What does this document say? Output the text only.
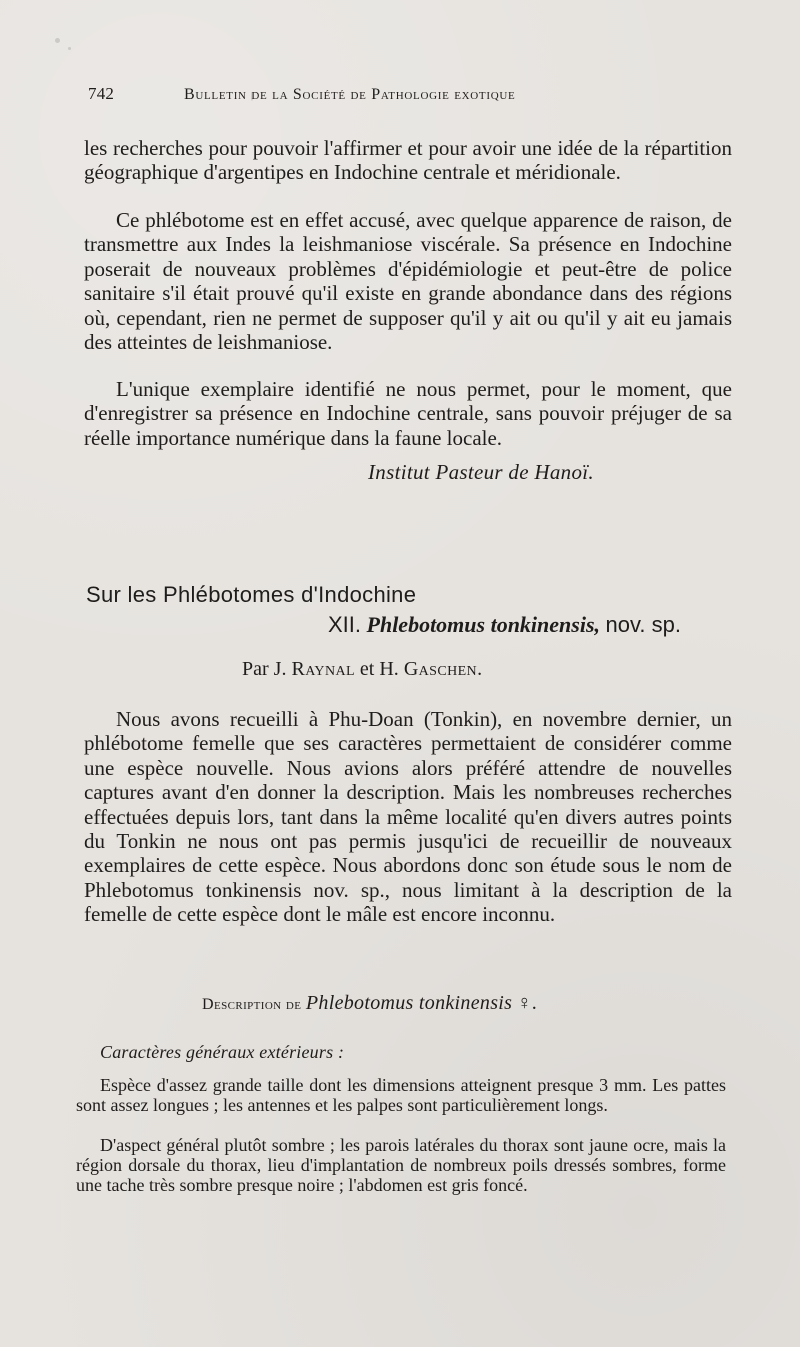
742	Bulletin de la Société de Pathologie exotique
les recherches pour pouvoir l'affirmer et pour avoir une idée de la répartition géographique d'argentipes en Indochine centrale et méridionale.
Ce phlébotome est en effet accusé, avec quelque apparence de raison, de transmettre aux Indes la leishmaniose viscérale. Sa présence en Indochine poserait de nouveaux problèmes d'épidémiologie et peut-être de police sanitaire s'il était prouvé qu'il existe en grande abondance dans des régions où, cependant, rien ne permet de supposer qu'il y ait ou qu'il y ait eu jamais des atteintes de leishmaniose.
L'unique exemplaire identifié ne nous permet, pour le moment, que d'enregistrer sa présence en Indochine centrale, sans pouvoir préjuger de sa réelle importance numérique dans la faune locale.
Institut Pasteur de Hanoï.
Sur les Phlébotomes d'Indochine
XII. Phlebotomus tonkinensis, nov. sp.
Par J. Raynal et H. Gaschen.
Nous avons recueilli à Phu-Doan (Tonkin), en novembre dernier, un phlébotome femelle que ses caractères permettaient de considérer comme une espèce nouvelle. Nous avions alors préféré attendre de nouvelles captures avant d'en donner la description. Mais les nombreuses recherches effectuées depuis lors, tant dans la même localité qu'en divers autres points du Tonkin ne nous ont pas permis jusqu'ici de recueillir de nouveaux exemplaires de cette espèce. Nous abordons donc son étude sous le nom de Phlebotomus tonkinensis nov. sp., nous limitant à la description de la femelle de cette espèce dont le mâle est encore inconnu.
Description de Phlebotomus tonkinensis ♀.
Caractères généraux extérieurs :
Espèce d'assez grande taille dont les dimensions atteignent presque 3 mm. Les pattes sont assez longues ; les antennes et les palpes sont particulièrement longs.
D'aspect général plutôt sombre ; les parois latérales du thorax sont jaune ocre, mais la région dorsale du thorax, lieu d'implantation de nombreux poils dressés sombres, forme une tache très sombre presque noire ; l'abdomen est gris foncé.
